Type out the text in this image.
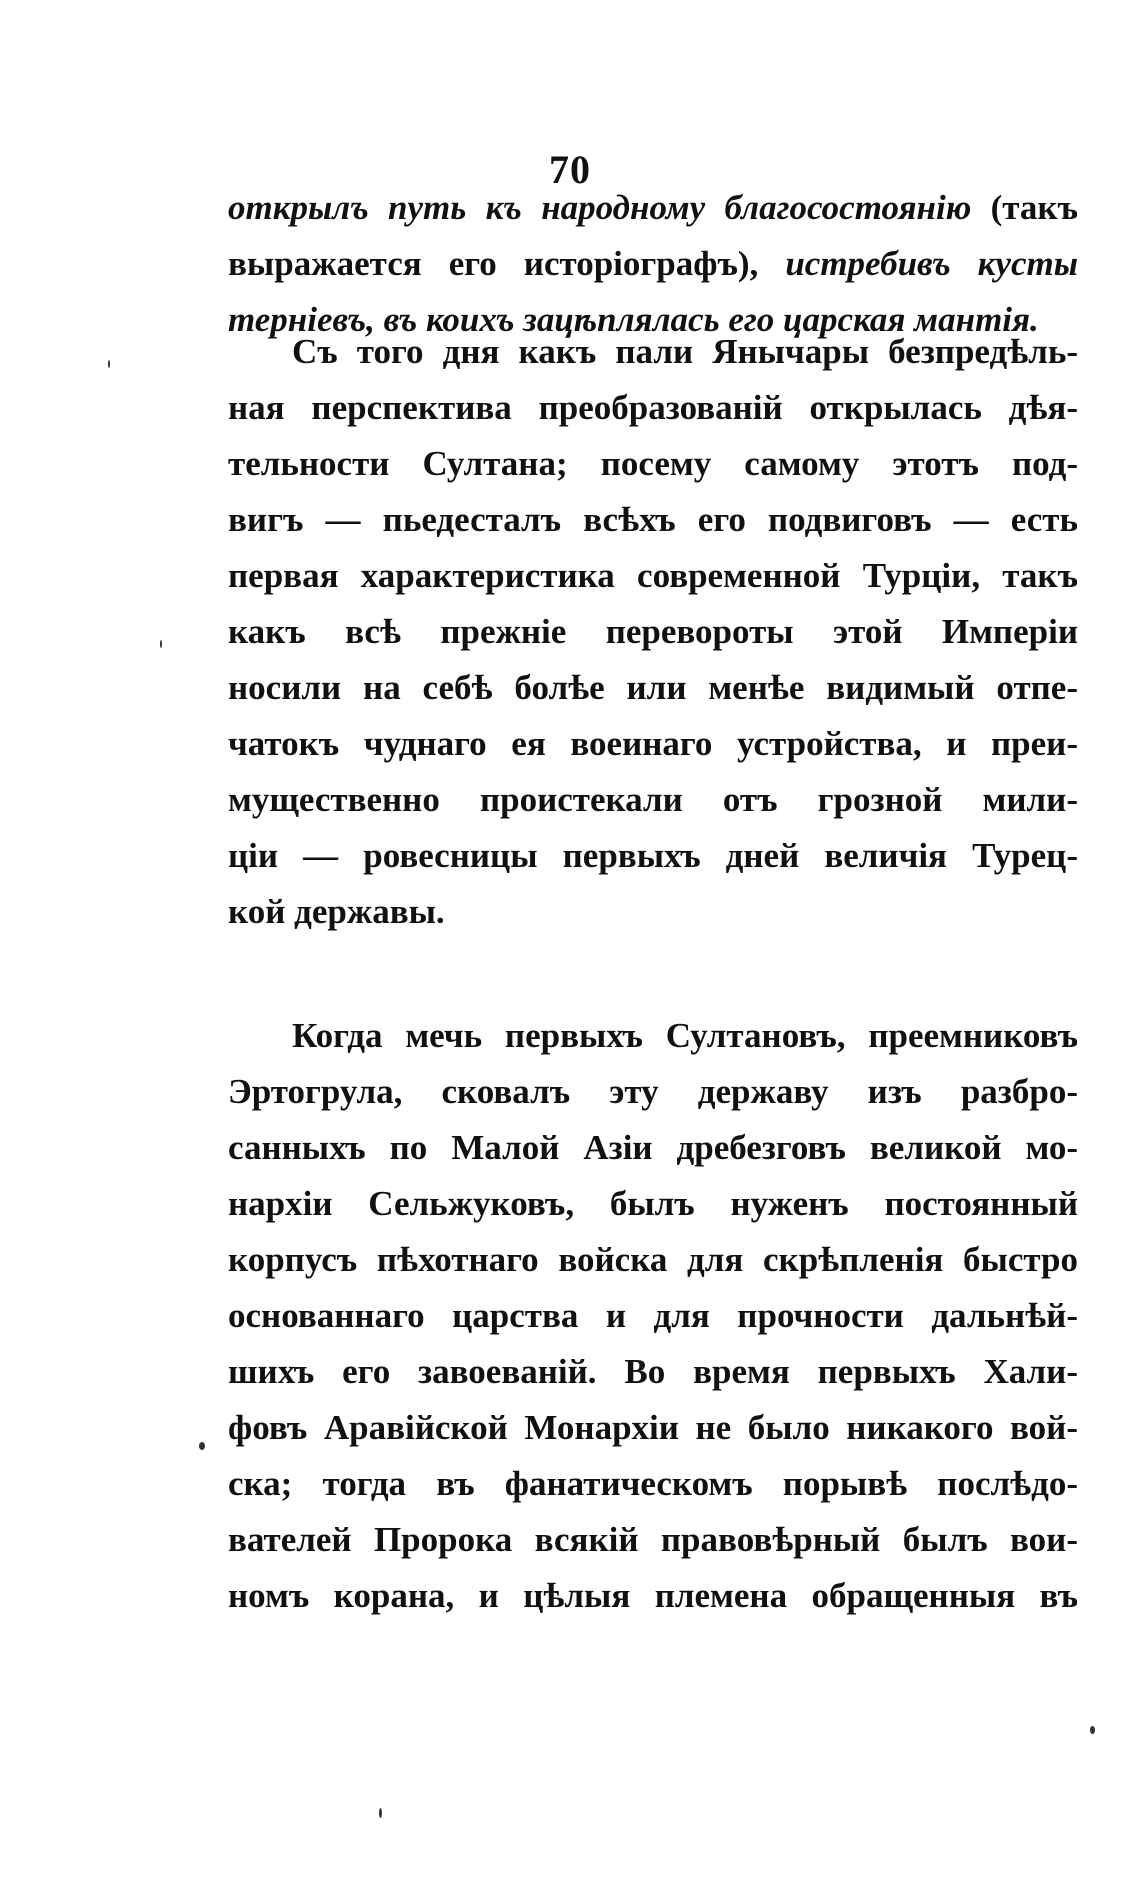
70
открылъ путь къ народному благосостоянію (такъ
выражается его исторіографъ), истребивъ кусты
терніевъ, въ коихъ зацѣплялась его царская мантія.
Съ того дня какъ пали Янычары безпредѣль-
ная перспектива преобразованій открылась дѣя-
тельности Султана; посему самому этотъ под-
вигъ — пьедесталъ всѣхъ его подвиговъ — есть
первая характеристика современной Турціи, такъ
какъ всѣ прежніе перевороты этой Имперіи
носили на себѣ болѣе или менѣе видимый отпе-
чатокъ чуднаго ея воеинаго устройства, и преи-
мущественно проистекали отъ грозной мили-
ціи — ровесницы первыхъ дней величія Турец-
кой державы.
Когда мечь первыхъ Султановъ, преемниковъ
Эртогрула, сковалъ эту державу изъ разбро-
санныхъ по Малой Азіи дребезговъ великой мо-
нархіи Сельжуковъ, былъ нуженъ постоянный
корпусъ пѣхотнаго войска для скрѣпленія быстро
основаннаго царства и для прочности дальнѣй-
шихъ его завоеваній. Во время первыхъ Хали-
фовъ Аравійской Монархіи не было никакого вой-
ска; тогда въ фанатическомъ порывѣ послѣдо-
вателей Пророка всякій правовѣрный былъ вои-
номъ корана, и цѣлыя племена обращенныя въ
